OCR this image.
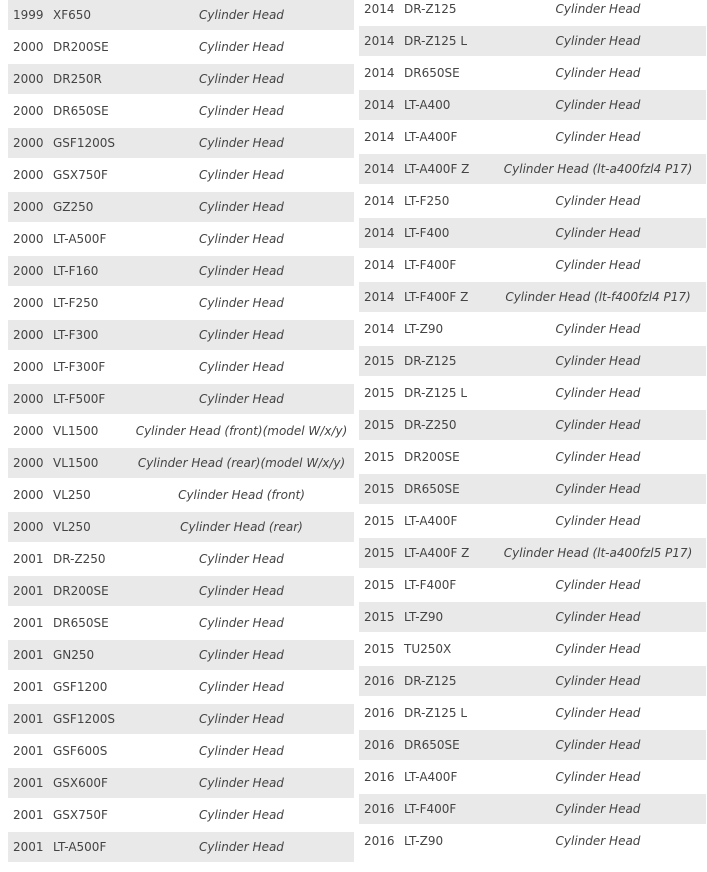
1999 XF650	Cylinder Head
2000 DR200SE	Cylinder Head
2000 DR250R	Cylinder Head
2000 DR650SE	Cylinder Head
2000 GSF1200S	Cylinder Head
2000 GSX750F	Cylinder Head
2000 GZ250	Cylinder Head
2000 LT-A500F	Cylinder Head
2000 LT-F160	Cylinder Head
2000 LT-F250	Cylinder Head
2000 LT-F300	Cylinder Head
2000 LT-F300F	Cylinder Head
2000 LT-F500F	Cylinder Head
2000 VL1500	Cylinder Head (front)(model W/x/y)
2000 VL1500	Cylinder Head (rear)(model W/x/y)
2000 VL250	Cylinder Head (front)
2000 VL250	Cylinder Head (rear)
2001 DR-Z250	Cylinder Head
2001 DR200SE	Cylinder Head
2001 DR650SE	Cylinder Head
2001 GN250	Cylinder Head
2001 GSF1200	Cylinder Head
2001 GSF1200S	Cylinder Head
2001 GSF600S	Cylinder Head
2001 GSX600F	Cylinder Head
2001 GSX750F	Cylinder Head
2001 LT-A500F	Cylinder Head
2014 DR-Z125	Cylinder Head
2014 DR-Z125 L	Cylinder Head
2014 DR650SE	Cylinder Head
2014 LT-A400	Cylinder Head
2014 LT-A400F	Cylinder Head
2014 LT-A400F Z	Cylinder Head (lt-a400fzl4 P17)
2014 LT-F250	Cylinder Head
2014 LT-F400	Cylinder Head
2014 LT-F400F	Cylinder Head
2014 LT-F400F Z	Cylinder Head (lt-f400fzl4 P17)
2014 LT-Z90	Cylinder Head
2015 DR-Z125	Cylinder Head
2015 DR-Z125 L	Cylinder Head
2015 DR-Z250	Cylinder Head
2015 DR200SE	Cylinder Head
2015 DR650SE	Cylinder Head
2015 LT-A400F	Cylinder Head
2015 LT-A400F Z	Cylinder Head (lt-a400fzl5 P17)
2015 LT-F400F	Cylinder Head
2015 LT-Z90	Cylinder Head
2015 TU250X	Cylinder Head
2016 DR-Z125	Cylinder Head
2016 DR-Z125 L	Cylinder Head
2016 DR650SE	Cylinder Head
2016 LT-A400F	Cylinder Head
2016 LT-F400F	Cylinder Head
2016 LT-Z90	Cylinder Head
